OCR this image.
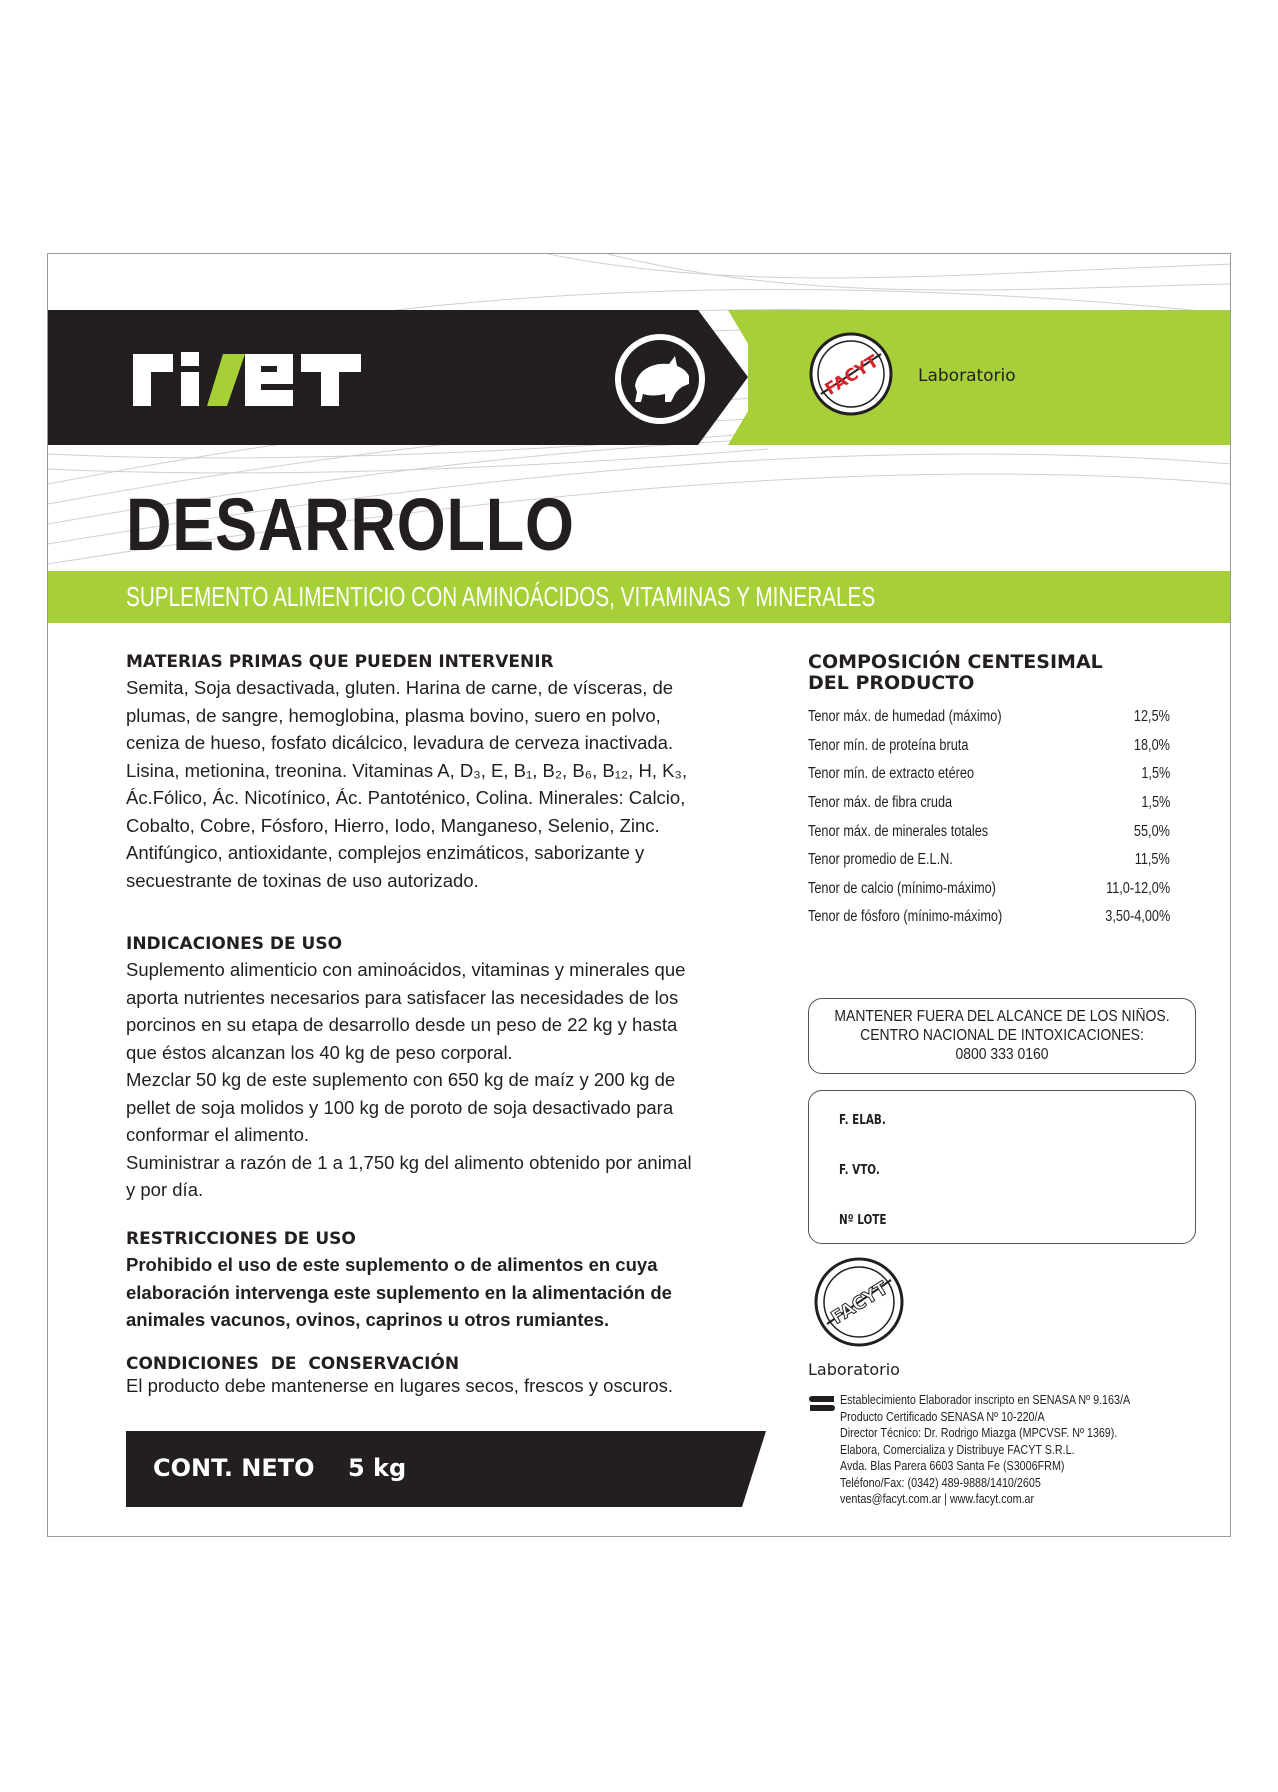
FACYT Laboratorio
DESARROLLO
SUPLEMENTO ALIMENTICIO CON AMINOÁCIDOS, VITAMINAS Y MINERALES
MATERIAS PRIMAS QUE PUEDEN INTERVENIR
Semita, Soja desactivada, gluten. Harina de carne, de vísceras, de
plumas, de sangre, hemoglobina, plasma bovino, suero en polvo,
ceniza de hueso, fosfato dicálcico, levadura de cerveza inactivada.
Lisina, metionina, treonina. Vitaminas A, D₃, E, B₁, B₂, B₆, B₁₂, H, K₃,
Ác.Fólico, Ác. Nicotínico, Ác. Pantoténico, Colina. Minerales: Calcio,
Cobalto, Cobre, Fósforo, Hierro, Iodo, Manganeso, Selenio, Zinc.
Antifúngico, antioxidante, complejos enzimáticos, saborizante y
secuestrante de toxinas de uso autorizado.
INDICACIONES DE USO
Suplemento alimenticio con aminoácidos, vitaminas y minerales que
aporta nutrientes necesarios para satisfacer las necesidades de los
porcinos en su etapa de desarrollo desde un peso de 22 kg y hasta
que éstos alcanzan los 40 kg de peso corporal.
Mezclar 50 kg de este suplemento con 650 kg de maíz y 200 kg de
pellet de soja molidos y 100 kg de poroto de soja desactivado para
conformar el alimento.
Suministrar a razón de 1 a 1,750 kg del alimento obtenido por animal
y por día.
RESTRICCIONES DE USO
Prohibido el uso de este suplemento o de alimentos en cuya
elaboración intervenga este suplemento en la alimentación de
animales vacunos, ovinos, caprinos u otros rumiantes.
CONDICIONES  DE  CONSERVACIÓN
El producto debe mantenerse en lugares secos, frescos y oscuros.
CONT. NETO    5 kg
COMPOSICIÓN CENTESIMAL
DEL PRODUCTO
Tenor máx. de humedad (máximo)	12,5%
Tenor mín. de proteína bruta	18,0%
Tenor mín. de extracto etéreo	1,5%
Tenor máx. de fibra cruda	1,5%
Tenor máx. de minerales totales	55,0%
Tenor promedio de E.L.N.	11,5%
Tenor de calcio (mínimo-máximo)	11,0-12,0%
Tenor de fósforo (mínimo-máximo)	3,50-4,00%
MANTENER FUERA DEL ALCANCE DE LOS NIÑOS.
CENTRO NACIONAL DE INTOXICACIONES:
0800 333 0160
F. ELAB.
F. VTO.
Nº LOTE
FACYT
Laboratorio
Establecimiento Elaborador inscripto en SENASA Nº 9.163/A
Producto Certificado SENASA Nº 10-220/A
Director Técnico: Dr. Rodrigo Miazga (MPCVSF. Nº 1369).
Elabora, Comercializa y Distribuye FACYT S.R.L.
Avda. Blas Parera 6603 Santa Fe (S3006FRM)
Teléfono/Fax: (0342) 489-9888/1410/2605
ventas@facyt.com.ar | www.facyt.com.ar
